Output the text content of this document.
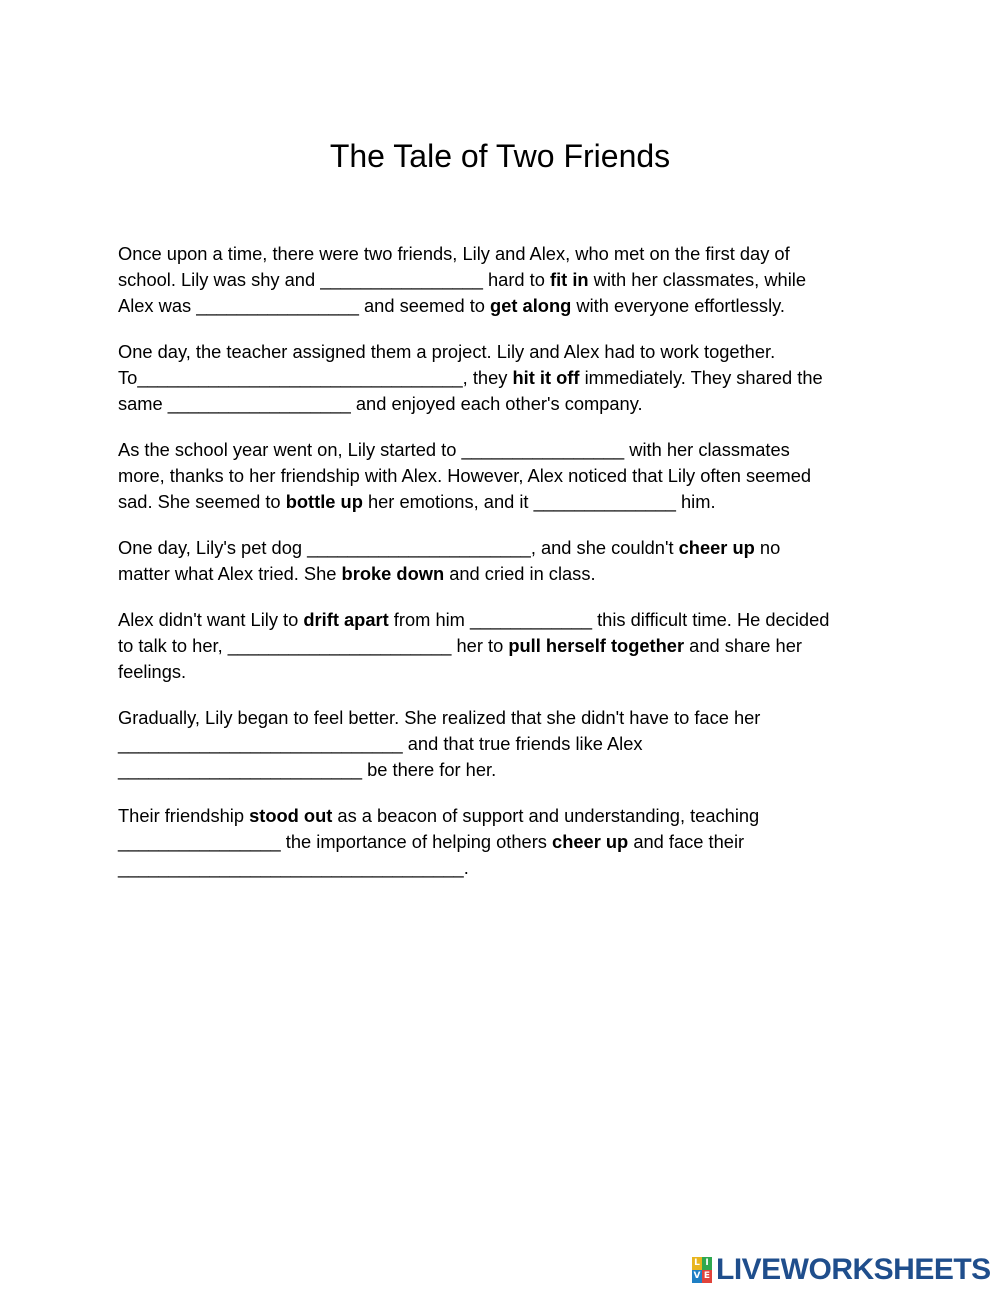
The Tale of Two Friends
Once upon a time, there were two friends, Lily and Alex, who met on the first day of
school. Lily was shy and ________________ hard to fit in with her classmates, while
Alex was ________________ and seemed to get along with everyone effortlessly.
One day, the teacher assigned them a project. Lily and Alex had to work together.
To________________________________, they hit it off immediately. They shared the
same __________________ and enjoyed each other's company.
As the school year went on, Lily started to ________________ with her classmates
more, thanks to her friendship with Alex. However, Alex noticed that Lily often seemed
sad. She seemed to bottle up her emotions, and it ______________ him.
One day, Lily's pet dog ______________________, and she couldn't cheer up no
matter what Alex tried. She broke down and cried in class.
Alex didn't want Lily to drift apart from him ____________ this difficult time. He decided
to talk to her, ______________________ her to pull herself together and share her
feelings.
Gradually, Lily began to feel better. She realized that she didn't have to face her
____________________________ and that true friends like Alex
________________________ be there for her.
Their friendship stood out as a beacon of support and understanding, teaching
________________ the importance of helping others cheer up and face their
__________________________________.
L I
V E LIVEWORKSHEETS
